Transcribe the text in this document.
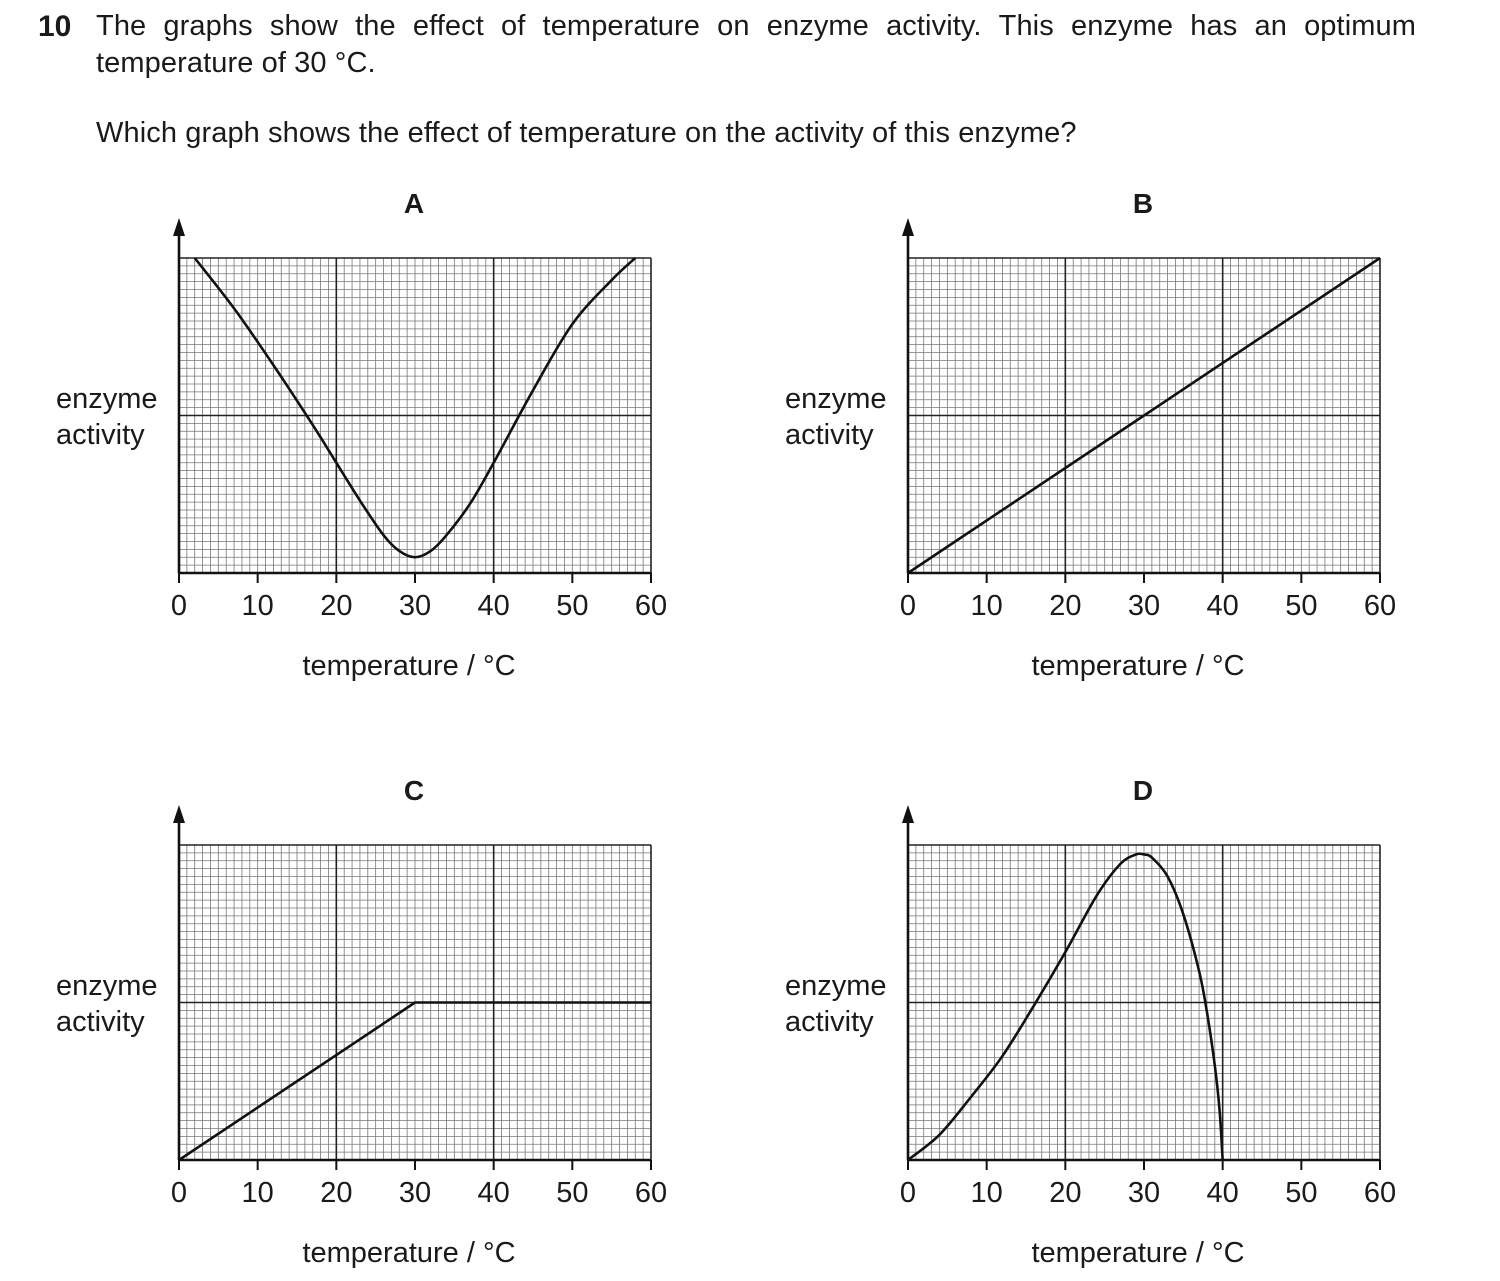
10 The graphs show the effect of temperature on enzyme activity. This enzyme has an optimum
temperature of 30 °C.
Which graph shows the effect of temperature on the activity of this enzyme?
0 10 20 30 40 50 60
A
temperature / °C
enzyme activity
0 10 20 30 40 50 60
B
temperature / °C
enzyme activity
0 10 20 30 40 50 60
C
temperature / °C
enzyme activity
0 10 20 30 40 50 60
D
temperature / °C
enzyme activity
